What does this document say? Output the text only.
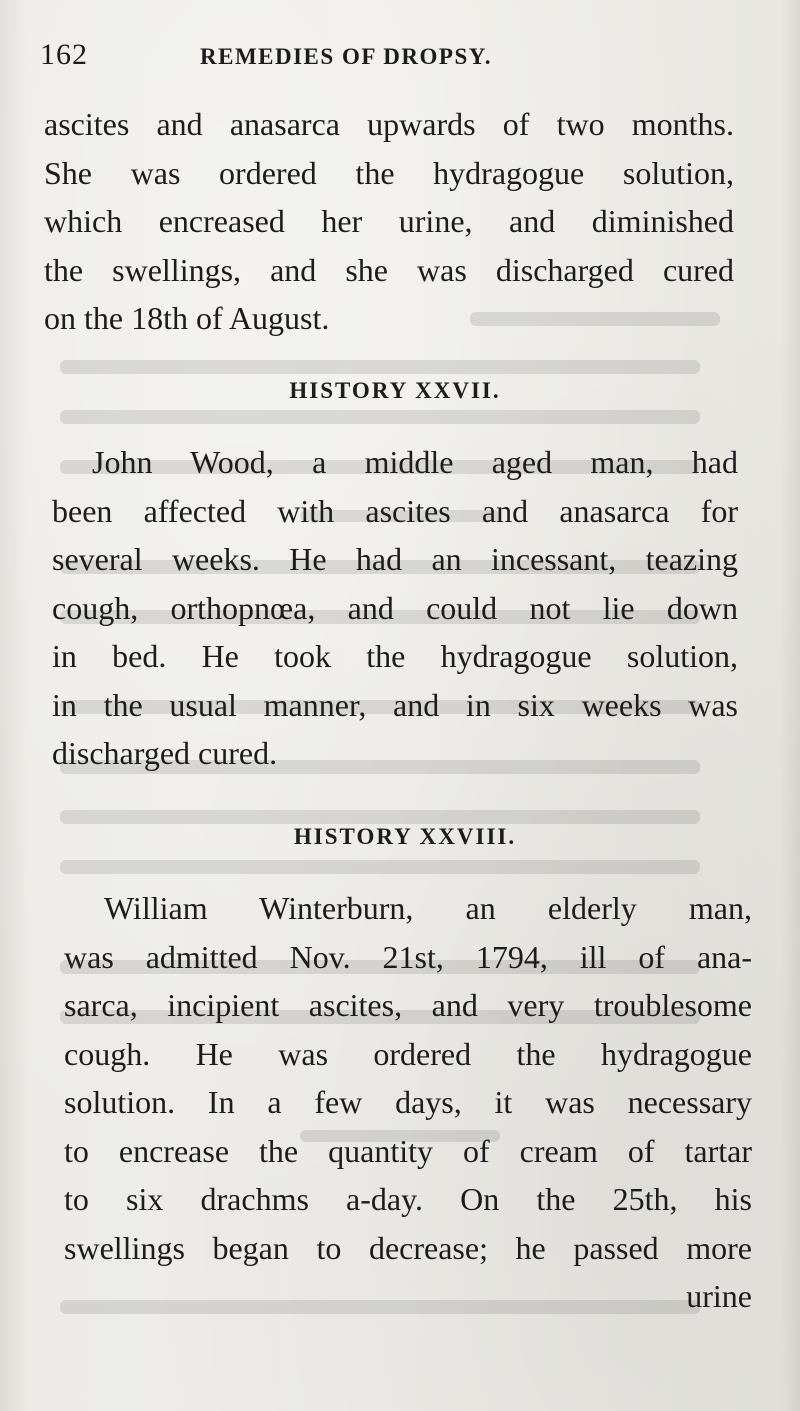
162	REMEDIES OF DROPSY.
ascites and anasarca upwards of two months.
She was ordered the hydragogue solution,
which encreased her urine, and diminished
the swellings, and she was discharged cured
on the 18th of August.
HISTORY XXVII.
John Wood, a middle aged man, had
been affected with ascites and anasarca for
several weeks. He had an incessant, teazing
cough, orthopnœa, and could not lie down
in bed. He took the hydragogue solution,
in the usual manner, and in six weeks was
discharged cured.
HISTORY XXVIII.
William Winterburn, an elderly man,
was admitted Nov. 21st, 1794, ill of ana-
sarca, incipient ascites, and very troublesome
cough. He was ordered the hydragogue
solution. In a few days, it was necessary
to encrease the quantity of cream of tartar
to six drachms a-day. On the 25th, his
swellings began to decrease; he passed more
urine
